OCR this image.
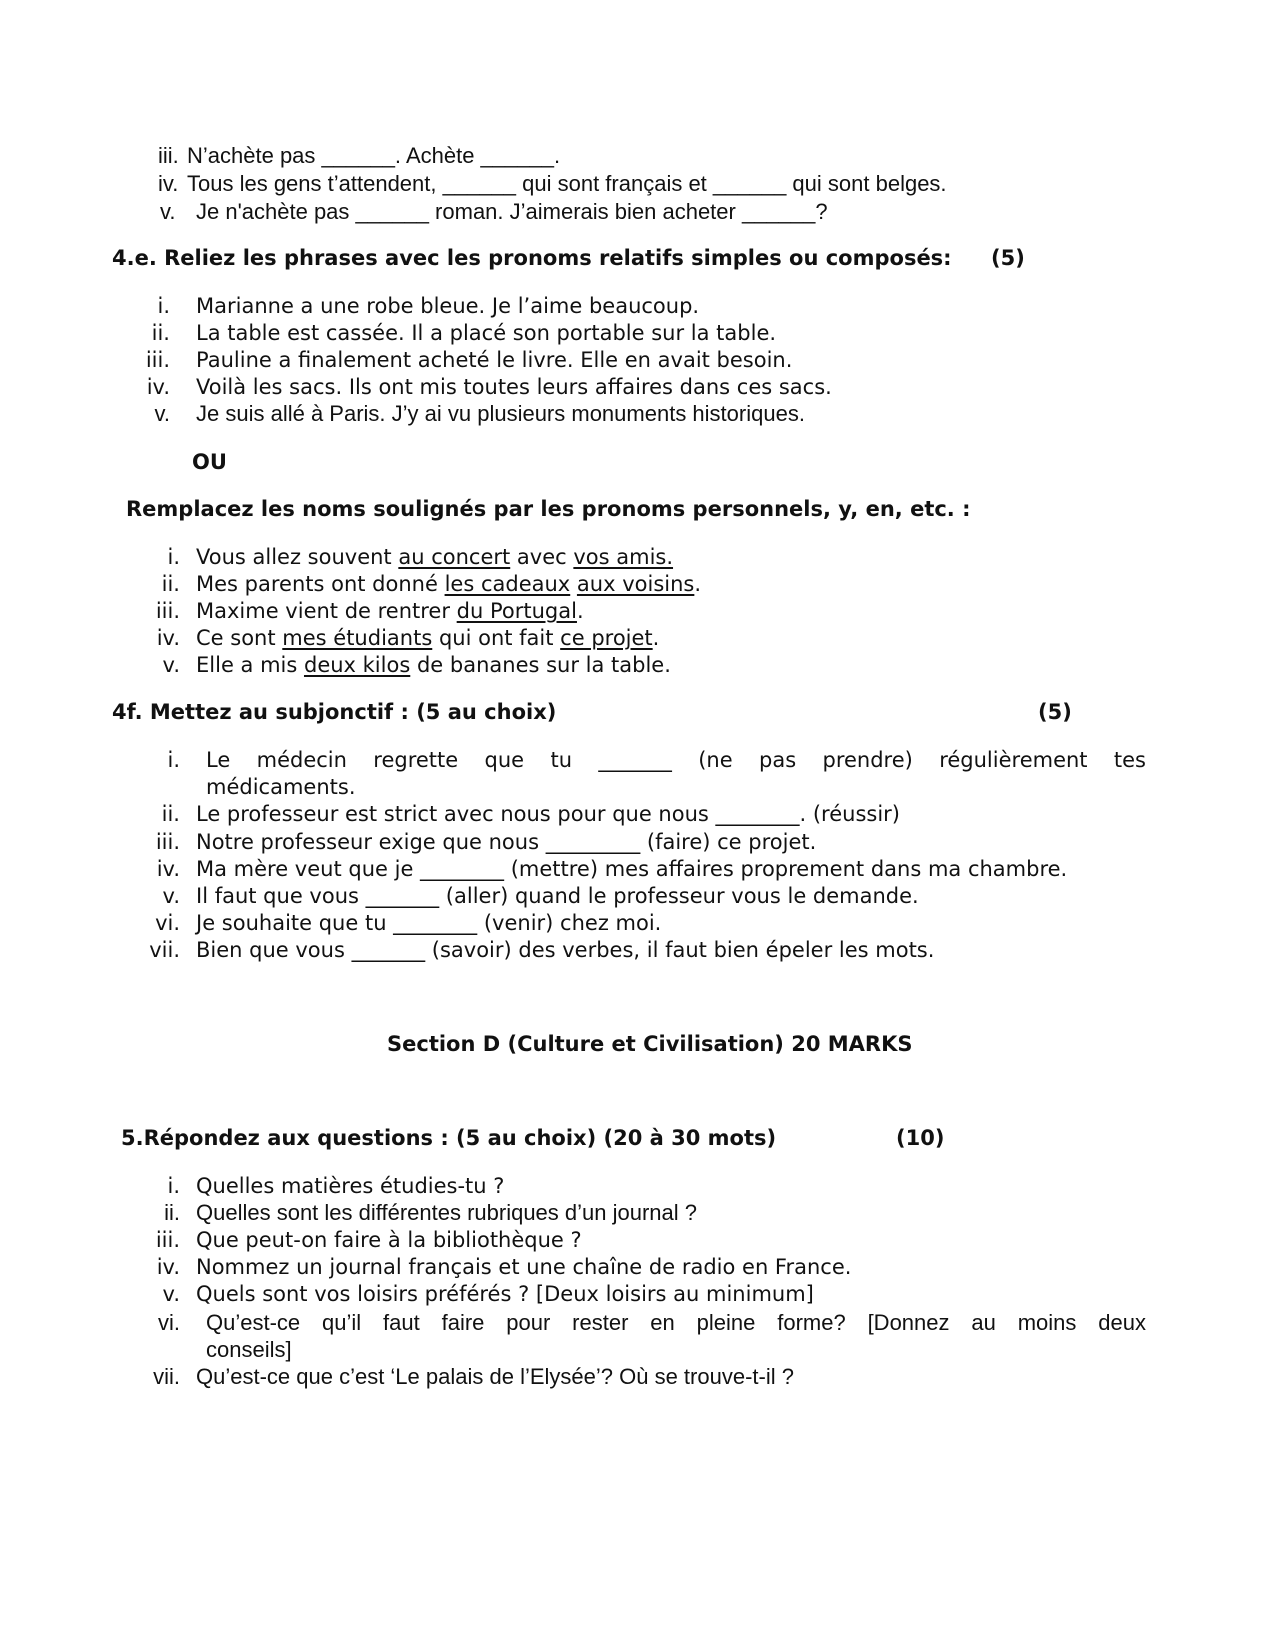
iii. N’achète pas ______. Achète ______.
iv. Tous les gens t’attendent, ______ qui sont français et ______ qui sont belges.
v. Je n'achète pas ______ roman. J’aimerais bien acheter ______?
4.e. Reliez les phrases avec les pronoms relatifs simples ou composés: (5)
i. Marianne a une robe bleue. Je l’aime beaucoup.
ii. La table est cassée. Il a placé son portable sur la table.
iii. Pauline a finalement acheté le livre. Elle en avait besoin.
iv. Voilà les sacs. Ils ont mis toutes leurs affaires dans ces sacs.
v. Je suis allé à Paris. J’y ai vu plusieurs monuments historiques.
OU
Remplacez les noms soulignés par les pronoms personnels, y, en, etc. :
i. Vous allez souvent au concert avec vos amis.
ii. Mes parents ont donné les cadeaux aux voisins.
iii. Maxime vient de rentrer du Portugal.
iv. Ce sont mes étudiants qui ont fait ce projet.
v. Elle a mis deux kilos de bananes sur la table.
4f. Mettez au subjonctif : (5 au choix)	(5)
i. Le médecin regrette que tu _______ (ne pas prendre) régulièrement tes
médicaments.
ii. Le professeur est strict avec nous pour que nous ________. (réussir)
iii. Notre professeur exige que nous _________ (faire) ce projet.
iv. Ma mère veut que je ________ (mettre) mes affaires proprement dans ma chambre.
v. Il faut que vous _______ (aller) quand le professeur vous le demande.
vi. Je souhaite que tu ________ (venir) chez moi.
vii. Bien que vous _______ (savoir) des verbes, il faut bien épeler les mots.
Section D (Culture et Civilisation) 20 MARKS
5.Répondez aux questions : (5 au choix) (20 à 30 mots)	(10)
i. Quelles matières étudies-tu ?
ii. Quelles sont les différentes rubriques d’un journal ?
iii. Que peut-on faire à la bibliothèque ?
iv. Nommez un journal français et une chaîne de radio en France.
v. Quels sont vos loisirs préférés ? [Deux loisirs au minimum]
vi. Qu’est-ce qu’il faut faire pour rester en pleine forme? [Donnez au moins deux
conseils]
vii. Qu’est-ce que c’est ‘Le palais de l’Elysée’? Où se trouve-t-il ?
